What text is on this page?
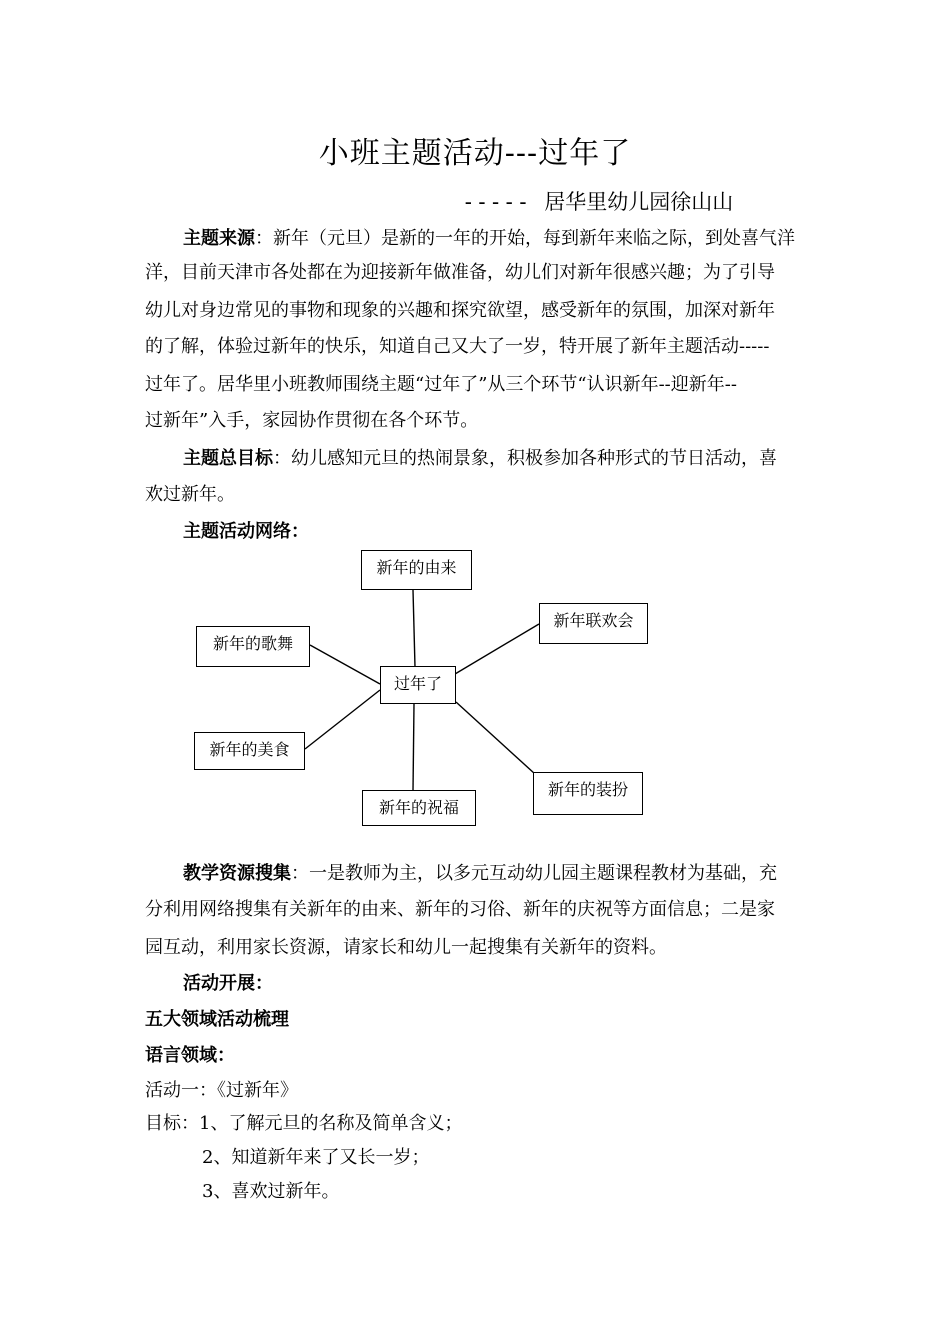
小班主题活动---过年了
----- 居华里幼儿园徐山山
主题来源：新年（元旦）是新的一年的开始，每到新年来临之际，到处喜气洋
洋，目前天津市各处都在为迎接新年做准备，幼儿们对新年很感兴趣；为了引导
幼儿对身边常见的事物和现象的兴趣和探究欲望，感受新年的氛围，加深对新年
的了解，体验过新年的快乐，知道自己又大了一岁，特开展了新年主题活动-----
过年了。居华里小班教师围绕主题“过年了”从三个环节“认识新年--迎新年--
过新年”入手，家园协作贯彻在各个环节。
主题总目标：幼儿感知元旦的热闹景象，积极参加各种形式的节日活动，喜
欢过新年。
主题活动网络：
过年了
新年的由来
新年联欢会
新年的歌舞
新年的美食
新年的装扮
新年的祝福
教学资源搜集：一是教师为主，以多元互动幼儿园主题课程教材为基础，充
分利用网络搜集有关新年的由来、新年的习俗、新年的庆祝等方面信息；二是家
园互动，利用家长资源，请家长和幼儿一起搜集有关新年的资料。
活动开展：
五大领域活动梳理
语言领域：
活动一：《过新年》
目标：1、了解元旦的名称及简单含义；
2、知道新年来了又长一岁；
3、喜欢过新年。
